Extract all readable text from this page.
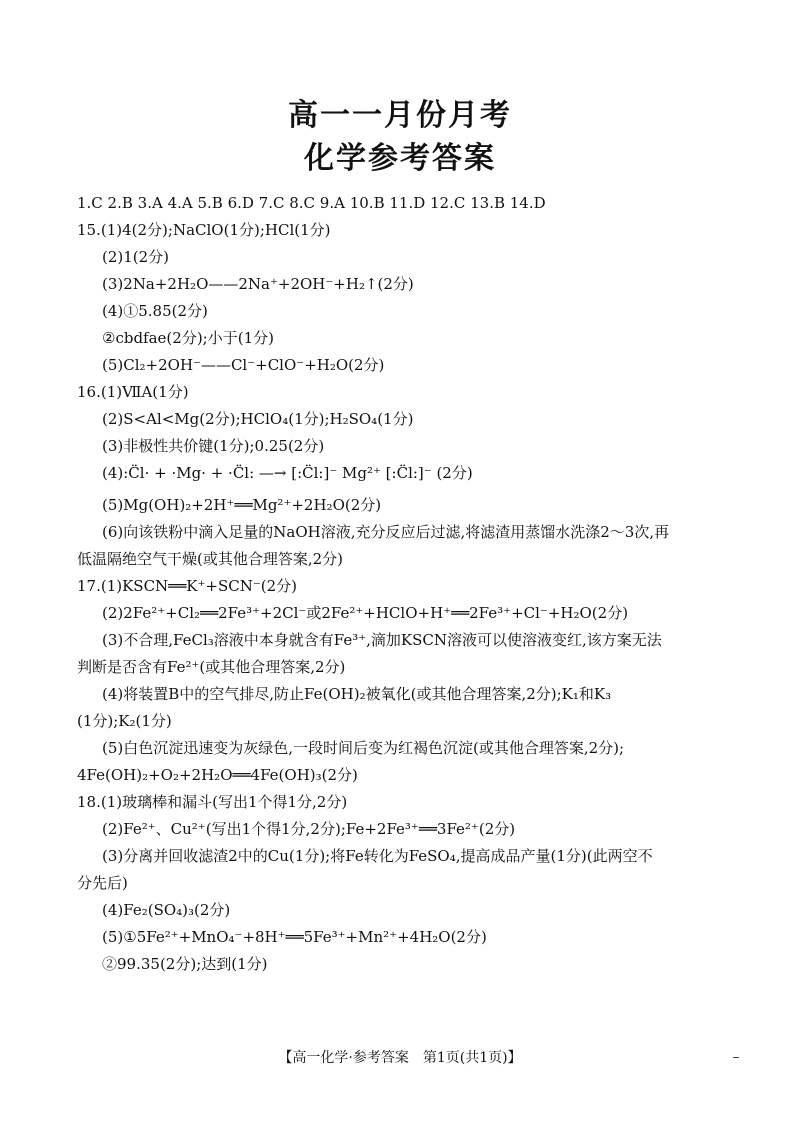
高一一月份月考
化学参考答案
1.C 2.B 3.A 4.A 5.B 6.D 7.C 8.C 9.A 10.B 11.D 12.C 13.B 14.D
15.(1)4(2分);NaClO(1分);HCl(1分)
(2)1(2分)
(3)2Na+2H₂O——2Na⁺+2OH⁻+H₂↑(2分)
(4)①5.85(2分)
②cbdfae(2分);小于(1分)
(5)Cl₂+2OH⁻——Cl⁻+ClO⁻+H₂O(2分)
16.(1)ⅦA(1分)
(2)S<Al<Mg(2分);HClO₄(1分);H₂SO₄(1分)
(3)非极性共价键(1分);0.25(2分)
(4):C̈l· + ·Mg· + ·C̈l: —→ [:C̈l:]⁻ Mg²⁺ [:C̈l:]⁻ (2分)
(5)Mg(OH)₂+2H⁺══Mg²⁺+2H₂O(2分)
(6)向该铁粉中滴入足量的NaOH溶液,充分反应后过滤,将滤渣用蒸馏水洗涤2～3次,再
低温隔绝空气干燥(或其他合理答案,2分)
17.(1)KSCN══K⁺+SCN⁻(2分)
(2)2Fe²⁺+Cl₂══2Fe³⁺+2Cl⁻或2Fe²⁺+HClO+H⁺══2Fe³⁺+Cl⁻+H₂O(2分)
(3)不合理,FeCl₃溶液中本身就含有Fe³⁺,滴加KSCN溶液可以使溶液变红,该方案无法
判断是否含有Fe²⁺(或其他合理答案,2分)
(4)将装置B中的空气排尽,防止Fe(OH)₂被氧化(或其他合理答案,2分);K₁和K₃
(1分);K₂(1分)
(5)白色沉淀迅速变为灰绿色,一段时间后变为红褐色沉淀(或其他合理答案,2分);
4Fe(OH)₂+O₂+2H₂O══4Fe(OH)₃(2分)
18.(1)玻璃棒和漏斗(写出1个得1分,2分)
(2)Fe²⁺、Cu²⁺(写出1个得1分,2分);Fe+2Fe³⁺══3Fe²⁺(2分)
(3)分离并回收滤渣2中的Cu(1分);将Fe转化为FeSO₄,提高成品产量(1分)(此两空不
分先后)
(4)Fe₂(SO₄)₃(2分)
(5)①5Fe²⁺+MnO₄⁻+8H⁺══5Fe³⁺+Mn²⁺+4H₂O(2分)
②99.35(2分);达到(1分)
【高一化学·参考答案　第1页(共1页)】
